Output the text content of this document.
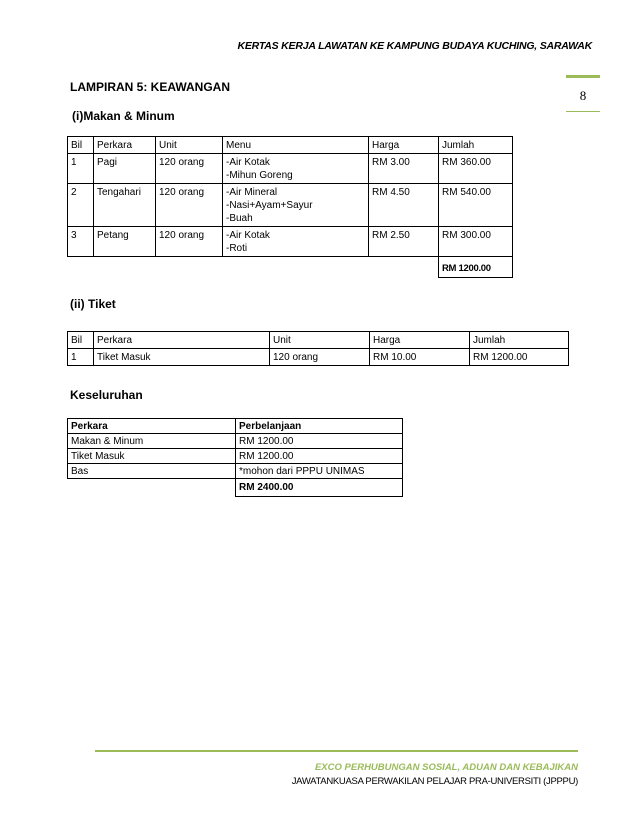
KERTAS KERJA LAWATAN KE KAMPUNG BUDAYA KUCHING, SARAWAK
8
LAMPIRAN 5: KEAWANGAN
(i)Makan & Minum
Bil	Perkara	Unit	Menu	Harga	Jumlah
1	Pagi	120 orang	-Air Kotak
-Mihun Goreng	RM 3.00	RM 360.00
2	Tengahari	120 orang	-Air Mineral
-Nasi+Ayam+Sayur
-Buah	RM 4.50	RM 540.00
3	Petang	120 orang	-Air Kotak
-Roti	RM 2.50	RM 300.00
					RM 1200.00
(ii) Tiket
Bil	Perkara	Unit	Harga	Jumlah
1	Tiket Masuk	120 orang	RM 10.00	RM 1200.00
Keseluruhan
Perkara	Perbelanjaan
Makan & Minum	RM 1200.00
Tiket Masuk	RM 1200.00
Bas	*mohon dari PPPU UNIMAS
	RM 2400.00
EXCO PERHUBUNGAN SOSIAL, ADUAN DAN KEBAJIKAN
JAWATANKUASA PERWAKILAN PELAJAR PRA-UNIVERSITI (JPPPU)
